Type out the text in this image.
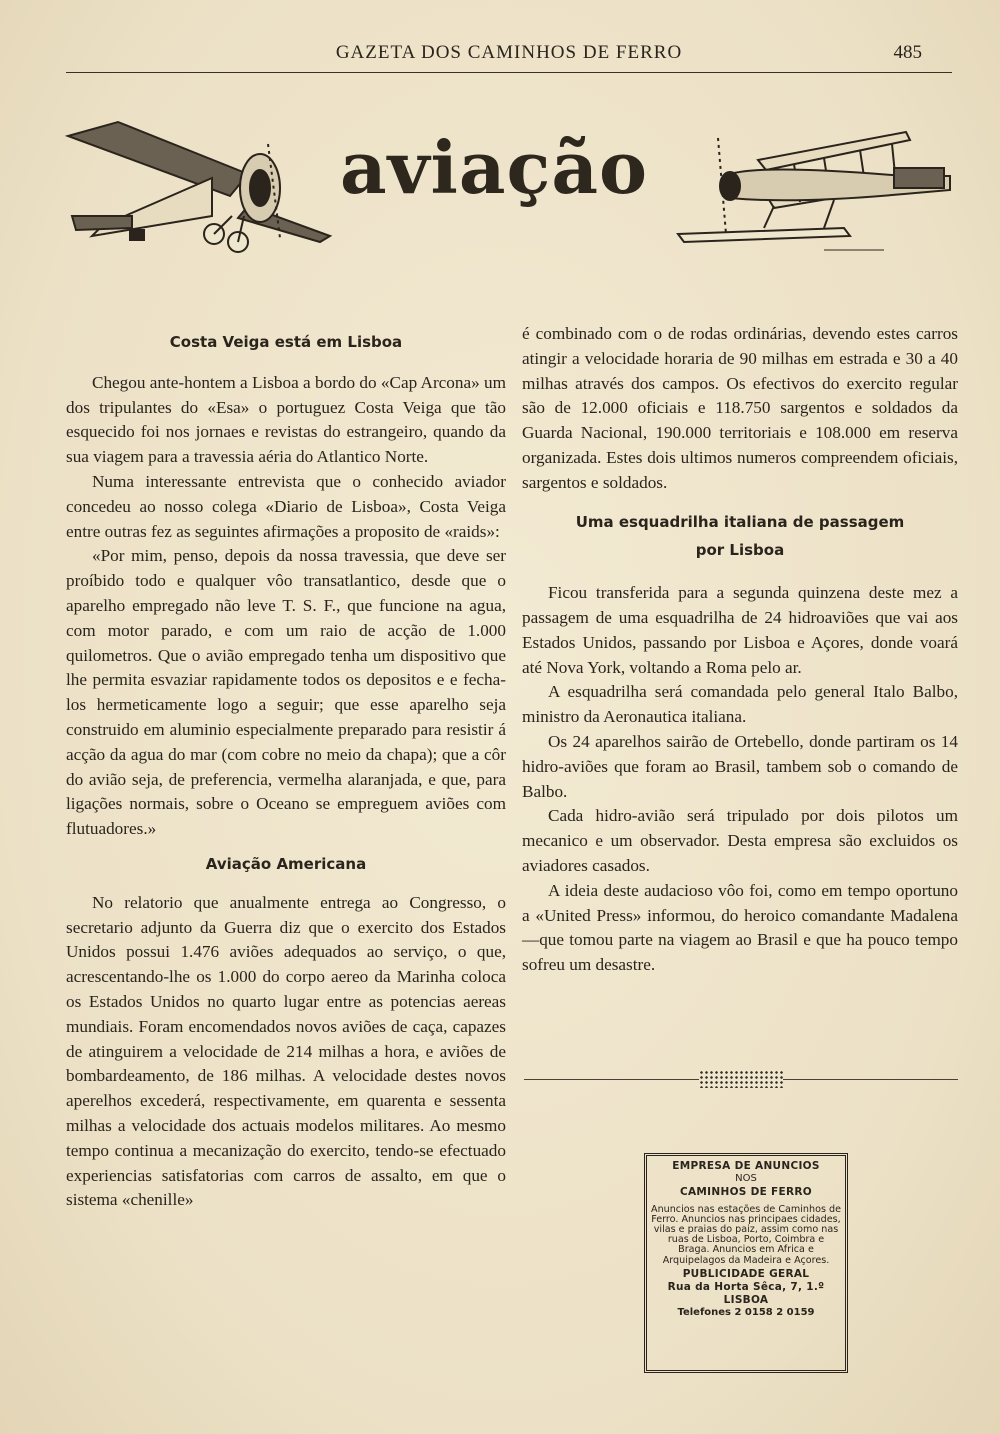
GAZETA DOS CAMINHOS DE FERRO	485
aviação
Costa Veiga está em Lisboa

Chegou ante-hontem a Lisboa a bordo do «Cap Arcona» um dos tripulantes do «Esa» o portuguez Costa Veiga que tão esquecido foi nos jornaes e revistas do estrangeiro, quando da sua viagem para a travessia aéria do Atlantico Norte.

Numa interessante entrevista que o conhecido aviador concedeu ao nosso colega «Diario de Lisboa», Costa Veiga entre outras fez as seguintes afirmações a proposito de «raids»:

«Por mim, penso, depois da nossa travessia, que deve ser proíbido todo e qualquer vôo transatlantico, desde que o aparelho empregado não leve T. S. F., que funcione na agua, com motor parado, e com um raio de acção de 1.000 quilometros. Que o avião empregado tenha um dispositivo que lhe permita esvaziar rapidamente todos os depositos e e fecha-los hermeticamente logo a seguir; que esse aparelho seja construido em aluminio especialmente preparado para resistir á acção da agua do mar (com cobre no meio da chapa); que a côr do avião seja, de preferencia, vermelha alaranjada, e que, para ligações normais, sobre o Oceano se empreguem aviões com flutuadores.»

Aviação Americana

No relatorio que anualmente entrega ao Congresso, o secretario adjunto da Guerra diz que o exercito dos Estados Unidos possui 1.476 aviões adequados ao serviço, o que, acrescentando-lhe os 1.000 do corpo aereo da Marinha coloca os Estados Unidos no quarto lugar entre as potencias aereas mundiais. Foram encomendados novos aviões de caça, capazes de atinguirem a velocidade de 214 milhas a hora, e aviões de bombardeamento, de 186 milhas. A velocidade destes novos aperelhos excederá, respectivamente, em quarenta e sessenta milhas a velocidade dos actuais modelos militares. Ao mesmo tempo continua a mecanização do exercito, tendo-se efectuado experiencias satisfatorias com carros de assalto, em que o sistema «chenille»

é combinado com o de rodas ordinárias, devendo estes carros atingir a velocidade horaria de 90 milhas em estrada e 30 a 40 milhas através dos campos. Os efectivos do exercito regular são de 12.000 oficiais e 118.750 sargentos e soldados da Guarda Nacional, 190.000 territoriais e 108.000 em reserva organizada. Estes dois ultimos numeros compreendem oficiais, sargentos e soldados.

Uma esquadrilha italiana de passagem
por Lisboa

Ficou transferida para a segunda quinzena deste mez a passagem de uma esquadrilha de 24 hidroaviões que vai aos Estados Unidos, passando por Lisboa e Açores, donde voará até Nova York, voltando a Roma pelo ar.

A esquadrilha será comandada pelo general Italo Balbo, ministro da Aeronautica italiana.

Os 24 aparelhos sairão de Ortebello, donde partiram os 14 hidro-aviões que foram ao Brasil, tambem sob o comando de Balbo.

Cada hidro-avião será tripulado por dois pilotos um mecanico e um observador. Desta empresa são excluidos os aviadores casados.

A ideia deste audacioso vôo foi, como em tempo oportuno a «United Press» informou, do heroico comandante Madalena—que tomou parte na viagem ao Brasil e que ha pouco tempo sofreu um desastre.

EMPRESA DE ANUNCIOS
NOS
CAMINHOS DE FERRO
Anuncios nas estações de Caminhos de Ferro. Anuncios nas principaes cidades, vilas e praias do paiz, assim como nas ruas de Lisboa, Porto, Coimbra e Braga. Anuncios em Africa e Arquipelagos da Madeira e Açores.
PUBLICIDADE GERAL
Rua da Horta Sêca, 7, 1.º
LISBOA
Telefones 2 0158 2 0159
